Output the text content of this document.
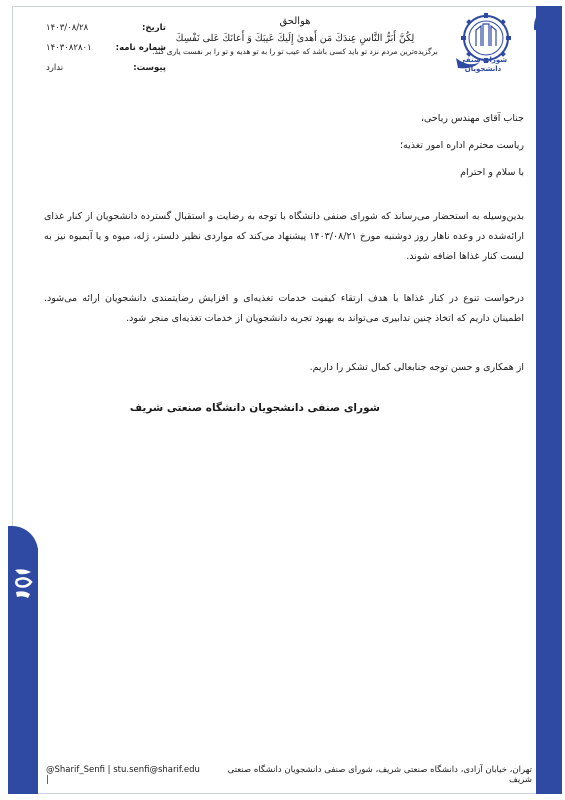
تاریخ:
۱۴۰۳/۰۸/۲۸
شماره نامه:
۱۴۰۳۰۸۲۸۰۱
پیوست:
ندارد
هوالحق
لِكُنَّ أَبَرُّ النَّاسِ عِندَكَ مَن أَهدىٰ إِلَيكَ عَيبَكَ وَ أَعانَكَ عَلى نَفْسِكَ
برگزیده‌ترین مردم نزد تو باید کسی باشد که عیب تو را به تو هدیه و تو را بر نفست یاری کند.
شورای صنفی
دانشجویان
جناب آقای مهندس ریاحی،
ریاست محترم اداره امور تغذیه؛
با سلام و احترام
بدین‌وسیله به استحضار می‌رساند که شورای صنفی دانشگاه با توجه به رضایت و استقبال گسترده دانشجویان از کنار غذای ارائه‌شده در وعده ناهار روز دوشنبه مورخ ۱۴۰۳/۰۸/۲۱ پیشنهاد می‌کند که مواردی نظیر دلستر، ژله، میوه و یا آبمیوه نیز به لیست کنار غذاها اضافه شوند.
درخواست تنوع در کنار غذاها با هدف ارتقاء کیفیت خدمات تغذیه‌ای و افزایش رضایتمندی دانشجویان ارائه می‌شود. اطمینان داریم که اتخاذ چنین تدابیری می‌تواند به بهبود تجربه دانشجویان از خدمات تغذیه‌ای منجر شود.
از همکاری و حسن توجه جنابعالی کمال تشکر را داریم.
شورای صنفی دانشجویان دانشگاه صنعتی شریف
تهران، خیابان آزادی، دانشگاه صنعتی شریف، شورای صنفی دانشجویان دانشگاه صنعتی شریف
@Sharif_Senfi | stu.senfi@sharif.edu |
